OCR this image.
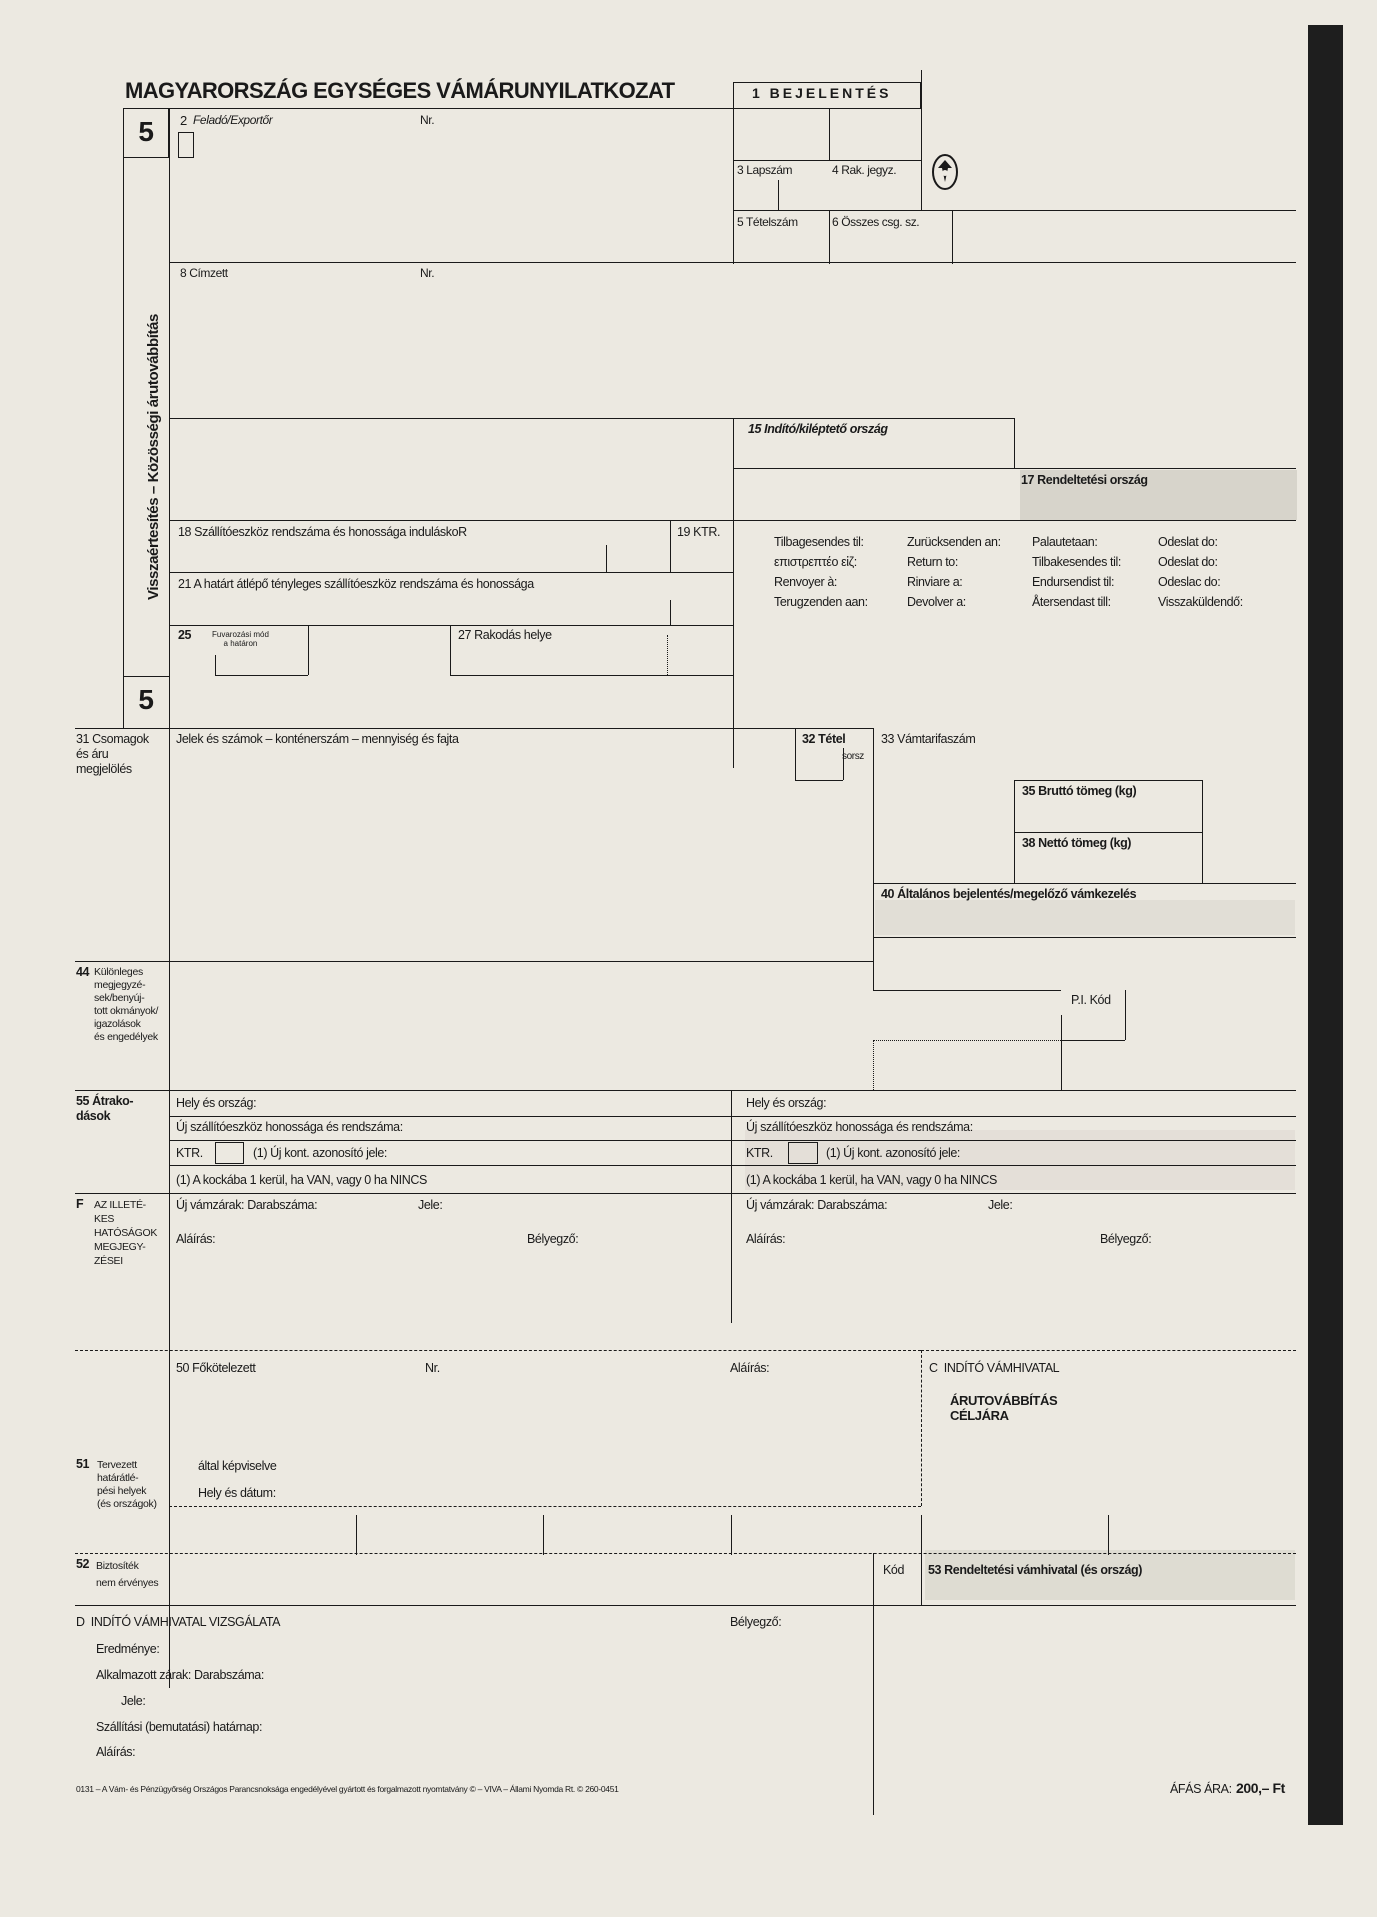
MAGYARORSZÁG EGYSÉGES VÁMÁRUNYILATKOZAT
5
5
Visszaértesítés – Közösségi árutovábbítás
1 BEJELENTÉS
2 Feladó/Exportőr	Nr.
3 Lapszám	4 Rak. jegyz.
5 Tételszám	6 Összes csg. sz.
8 Címzett	Nr.
15 Indító/kiléptető ország
17 Rendeltetési ország
18 Szállítóeszköz rendszáma és honossága induláskoR	19 KTR.
Tilbagesendes til:	Zurücksenden an:	Palautetaan:	Odeslat do:
επιστρεπτέο εἰζ:	Return to:	Tilbakesendes til:	Odeslat do:
Renvoyer à:	Rinviare a:	Endursendist til:	Odeslac do:
Terugzenden aan:	Devolver a:	Återsendast till:	Visszaküldendő:
21 A határt átlépő tényleges szállítóeszköz rendszáma és honossága
25	Fuvarozási mód
a határon
27 Rakodás helye
31 Csomagok
és áru
megjelölés
Jelek és számok – konténerszám – mennyiség és fajta	32 Tétel
sorsz
33 Vámtarifaszám
35 Bruttó tömeg (kg)
38 Nettó tömeg (kg)
40 Általános bejelentés/megelőző vámkezelés
44 Különleges
megjegyzé-
sek/benyúj-
tott okmányok/
igazolások
és engedélyek
P.I. Kód
55 Átrako-
dások
Hely és ország:
Új szállítóeszköz honossága és rendszáma:
KTR.	(1) Új kont. azonosító jele:
(1) A kockába 1 kerül, ha VAN, vagy 0 ha NINCS
Hely és ország:
Új szállítóeszköz honossága és rendszáma:
KTR.	(1) Új kont. azonosító jele:
(1) A kockába 1 kerül, ha VAN, vagy 0 ha NINCS
F AZ ILLETÉ-
KES
HATÓSÁGOK
MEGJEGY-
ZÉSEI
Új vámzárak: Darabszáma:	Jele:
Aláírás:	Bélyegző:
Új vámzárak: Darabszáma:	Jele:
Aláírás:	Bélyegző:
50 Főkötelezett	Nr.	Aláírás:	C  INDÍTÓ VÁMHIVATAL
ÁRUTOVÁBBÍTÁS
CÉLJÁRA
51 Tervezett
határátlé-
pési helyek
(és országok)
által képviselve
Hely és dátum:
52 Biztosíték
nem érvényes
Kód 53 Rendeltetési vámhivatal (és ország)
D  INDÍTÓ VÁMHIVATAL VIZSGÁLATA	Bélyegző:
Eredménye:
Alkalmazott zárak: Darabszáma:
Jele:
Szállítási (bemutatási) határnap:
Aláírás:
0131 – A Vám- és Pénzügyőrség Országos Parancsnoksága engedélyével gyártott és forgalmazott nyomtatvány © – VIVA – Állami Nyomda Rt. © 260-0451	ÁFÁS ÁRA: 200,– Ft
